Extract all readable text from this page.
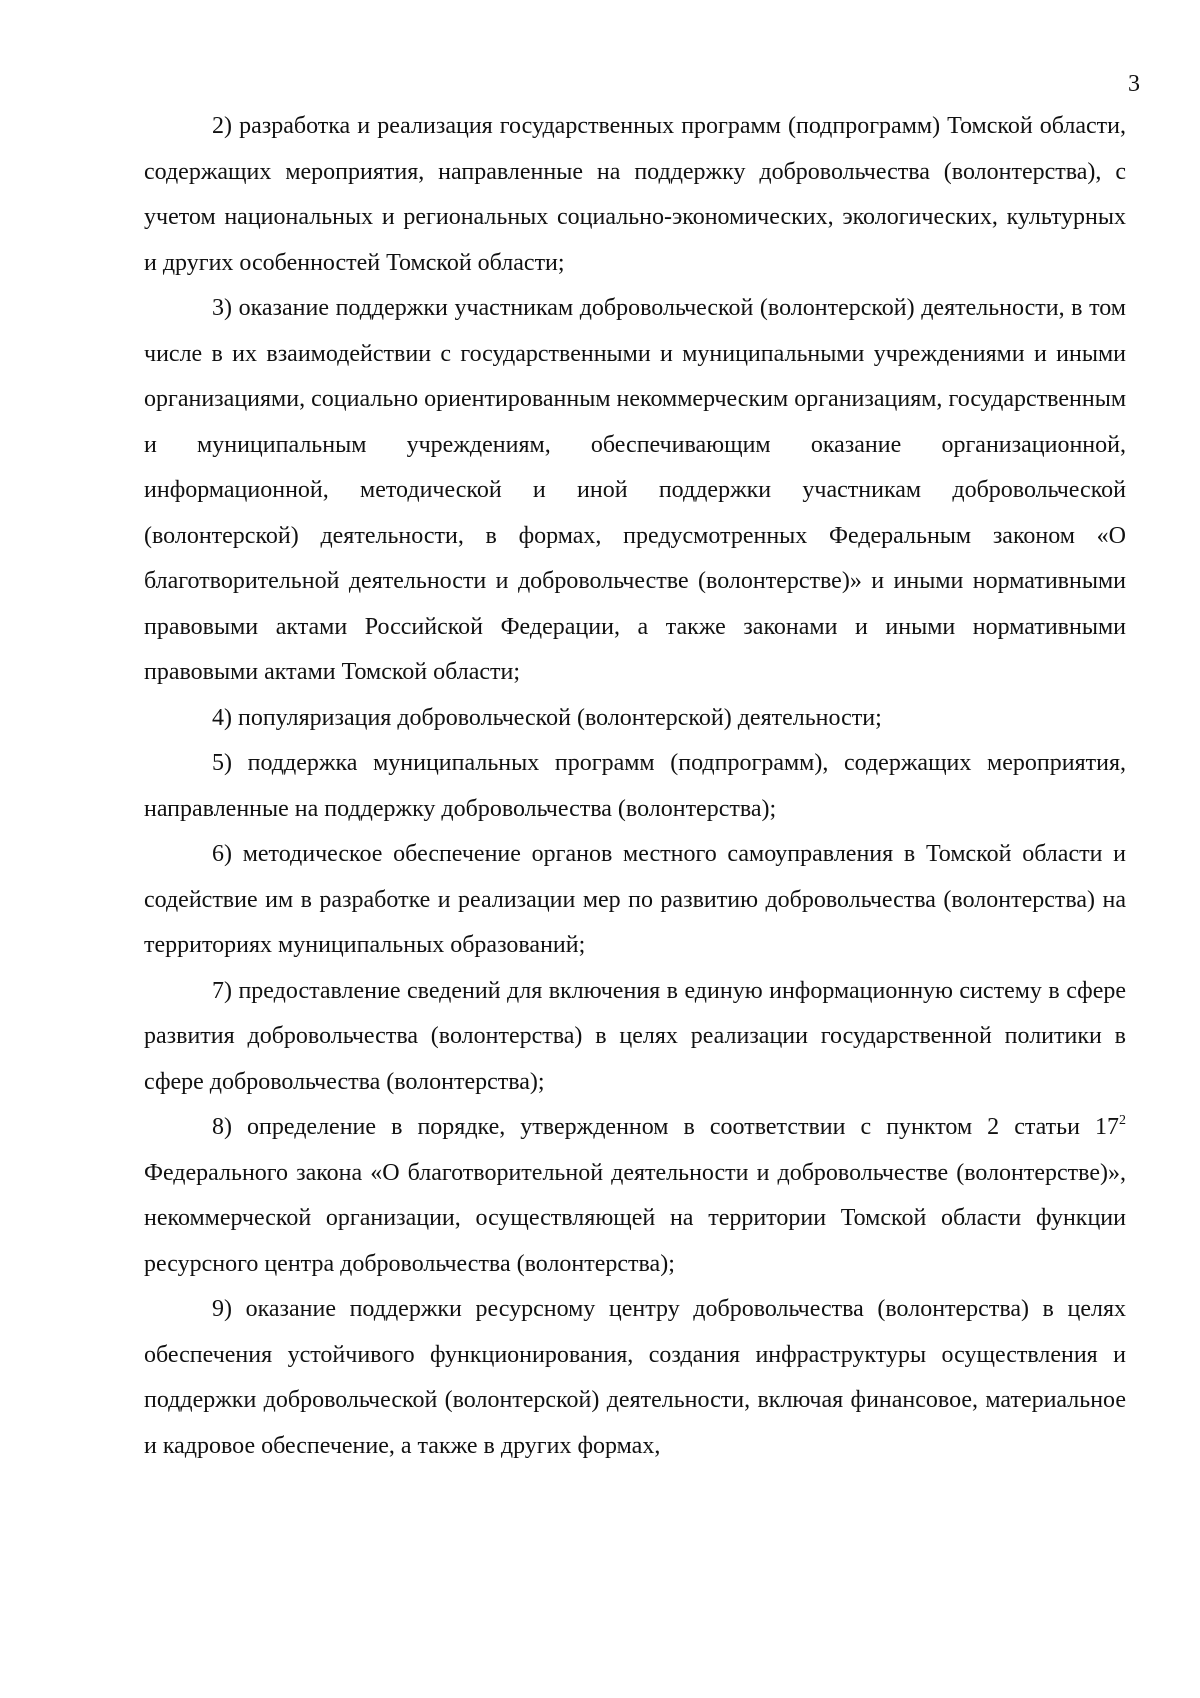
3

2) разработка и реализация государственных программ (подпрограмм) Томской области, содержащих мероприятия, направленные на поддержку добровольчества (волонтерства), с учетом национальных и региональных социально-экономических, экологических, культурных и других особенностей Томской области;

3) оказание поддержки участникам добровольческой (волонтерской) деятельности, в том числе в их взаимодействии с государственными и муниципальными учреждениями и иными организациями, социально ориентированным некоммерческим организациям, государственным и муниципальным учреждениям, обеспечивающим оказание организационной, информационной, методической и иной поддержки участникам добровольческой (волонтерской) деятельности, в формах, предусмотренных Федеральным законом «О благотворительной деятельности и добровольчестве (волонтерстве)» и иными нормативными правовыми актами Российской Федерации, а также законами и иными нормативными правовыми актами Томской области;

4) популяризация добровольческой (волонтерской) деятельности;

5) поддержка муниципальных программ (подпрограмм), содержащих мероприятия, направленные на поддержку добровольчества (волонтерства);

6) методическое обеспечение органов местного самоуправления в Томской области и содействие им в разработке и реализации мер по развитию добровольчества (волонтерства) на территориях муниципальных образований;

7) предоставление сведений для включения в единую информационную систему в сфере развития добровольчества (волонтерства) в целях реализации государственной политики в сфере добровольчества (волонтерства);

8) определение в порядке, утвержденном в соответствии с пунктом 2 статьи $17^2$ Федерального закона «О благотворительной деятельности и добровольчестве (волонтерстве)», некоммерческой организации, осуществляющей на территории Томской области функции ресурсного центра добровольчества (волонтерства);

9) оказание поддержки ресурсному центру добровольчества (волонтерства) в целях обеспечения устойчивого функционирования, создания инфраструктуры осуществления и поддержки добровольческой (волонтерской) деятельности, включая финансовое, материальное и кадровое обеспечение, а также в других формах,
